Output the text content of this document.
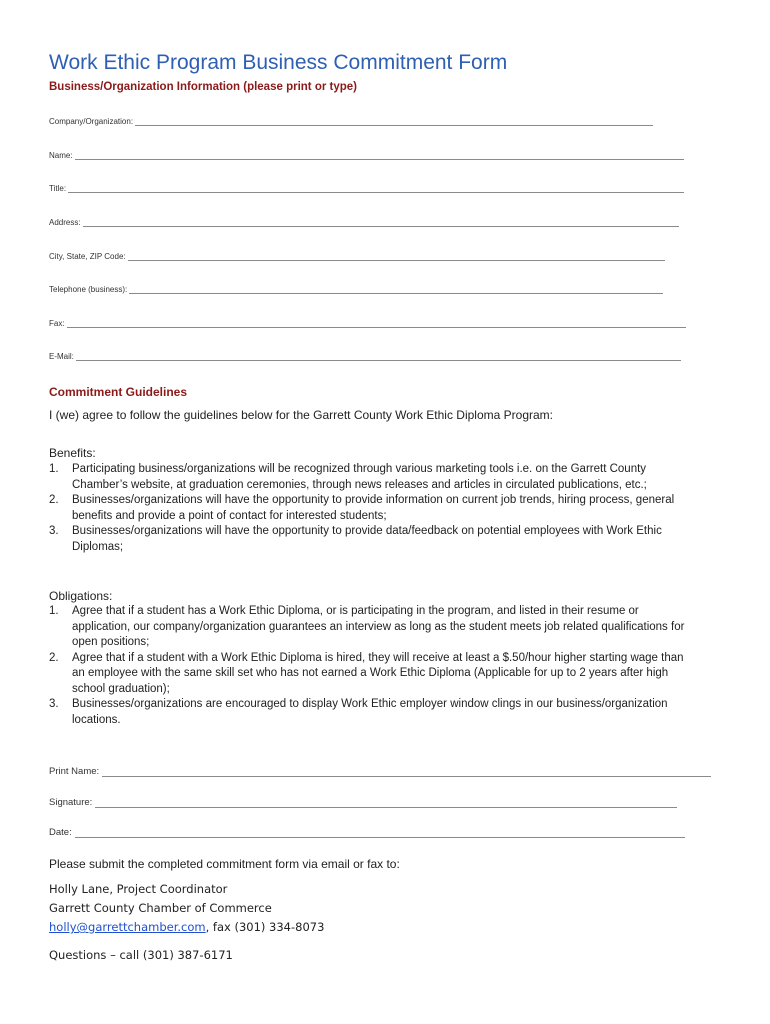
Work Ethic Program Business Commitment Form
Business/Organization Information (please print or type)
Company/Organization:
Name:
Title:
Address:
City, State, ZIP Code:
Telephone (business):
Fax:
E-Mail:
Commitment Guidelines
I (we) agree to follow the guidelines below for the Garrett County Work Ethic Diploma Program:
Benefits:
1. Participating business/organizations will be recognized through various marketing tools i.e. on the Garrett County Chamber’s website, at graduation ceremonies, through news releases and articles in circulated publications, etc.;
2. Businesses/organizations will have the opportunity to provide information on current job trends, hiring process, general benefits and provide a point of contact for interested students;
3. Businesses/organizations will have the opportunity to provide data/feedback on potential employees with Work Ethic Diplomas;
Obligations:
1. Agree that if a student has a Work Ethic Diploma, or is participating in the program, and listed in their resume or application, our company/organization guarantees an interview as long as the student meets job related qualifications for open positions;
2. Agree that if a student with a Work Ethic Diploma is hired, they will receive at least a $.50/hour higher starting wage than an employee with the same skill set who has not earned a Work Ethic Diploma (Applicable for up to 2 years after high school graduation);
3. Businesses/organizations are encouraged to display Work Ethic employer window clings in our business/organization locations.
Print Name:
Signature:
Date:
Please submit the completed commitment form via email or fax to:
Holly Lane, Project Coordinator
Garrett County Chamber of Commerce
holly@garrettchamber.com, fax (301) 334-8073
Questions – call (301) 387-6171
